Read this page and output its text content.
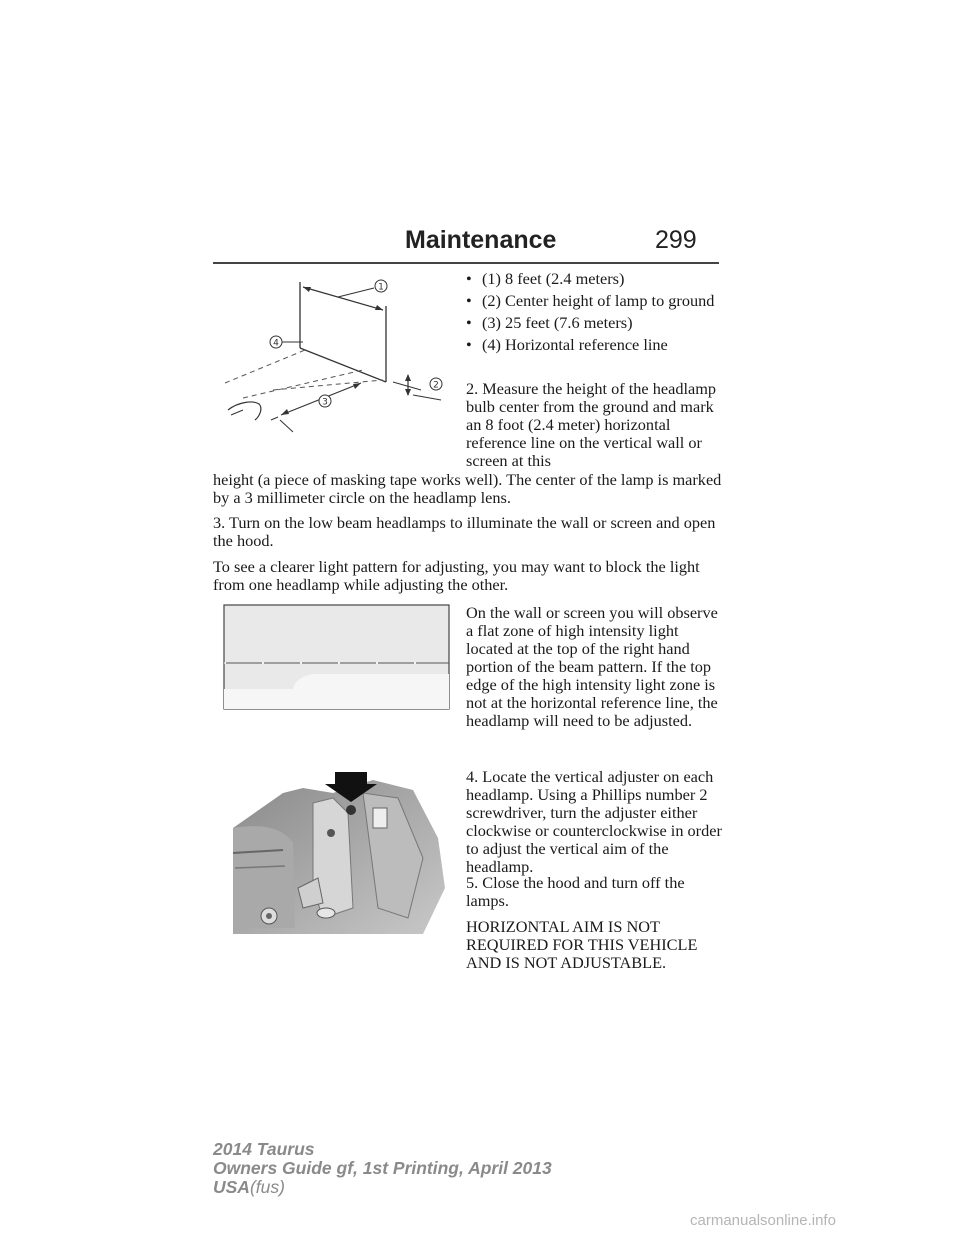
Maintenance	299
1
4
3
2
• (1) 8 feet (2.4 meters)
• (2) Center height of lamp to ground
• (3) 25 feet (7.6 meters)
• (4) Horizontal reference line

2. Measure the height of the headlamp bulb center from the ground and mark an 8 foot (2.4 meter) horizontal reference line on the vertical wall or screen at this

height (a piece of masking tape works well). The center of the lamp is marked by a 3 millimeter circle on the headlamp lens.

3. Turn on the low beam headlamps to illuminate the wall or screen and open the hood.

To see a clearer light pattern for adjusting, you may want to block the light from one headlamp while adjusting the other.

On the wall or screen you will observe a flat zone of high intensity light located at the top of the right hand portion of the beam pattern. If the top edge of the high intensity light zone is not at the horizontal reference line, the headlamp will need to be adjusted.

4. Locate the vertical adjuster on each headlamp. Using a Phillips number 2 screwdriver, turn the adjuster either clockwise or counterclockwise in order to adjust the vertical aim of the headlamp.

5. Close the hood and turn off the lamps.

HORIZONTAL AIM IS NOT REQUIRED FOR THIS VEHICLE AND IS NOT ADJUSTABLE.

2014 Taurus
Owners Guide gf, 1st Printing, April 2013
USA(fus)
carmanualsonline.info
